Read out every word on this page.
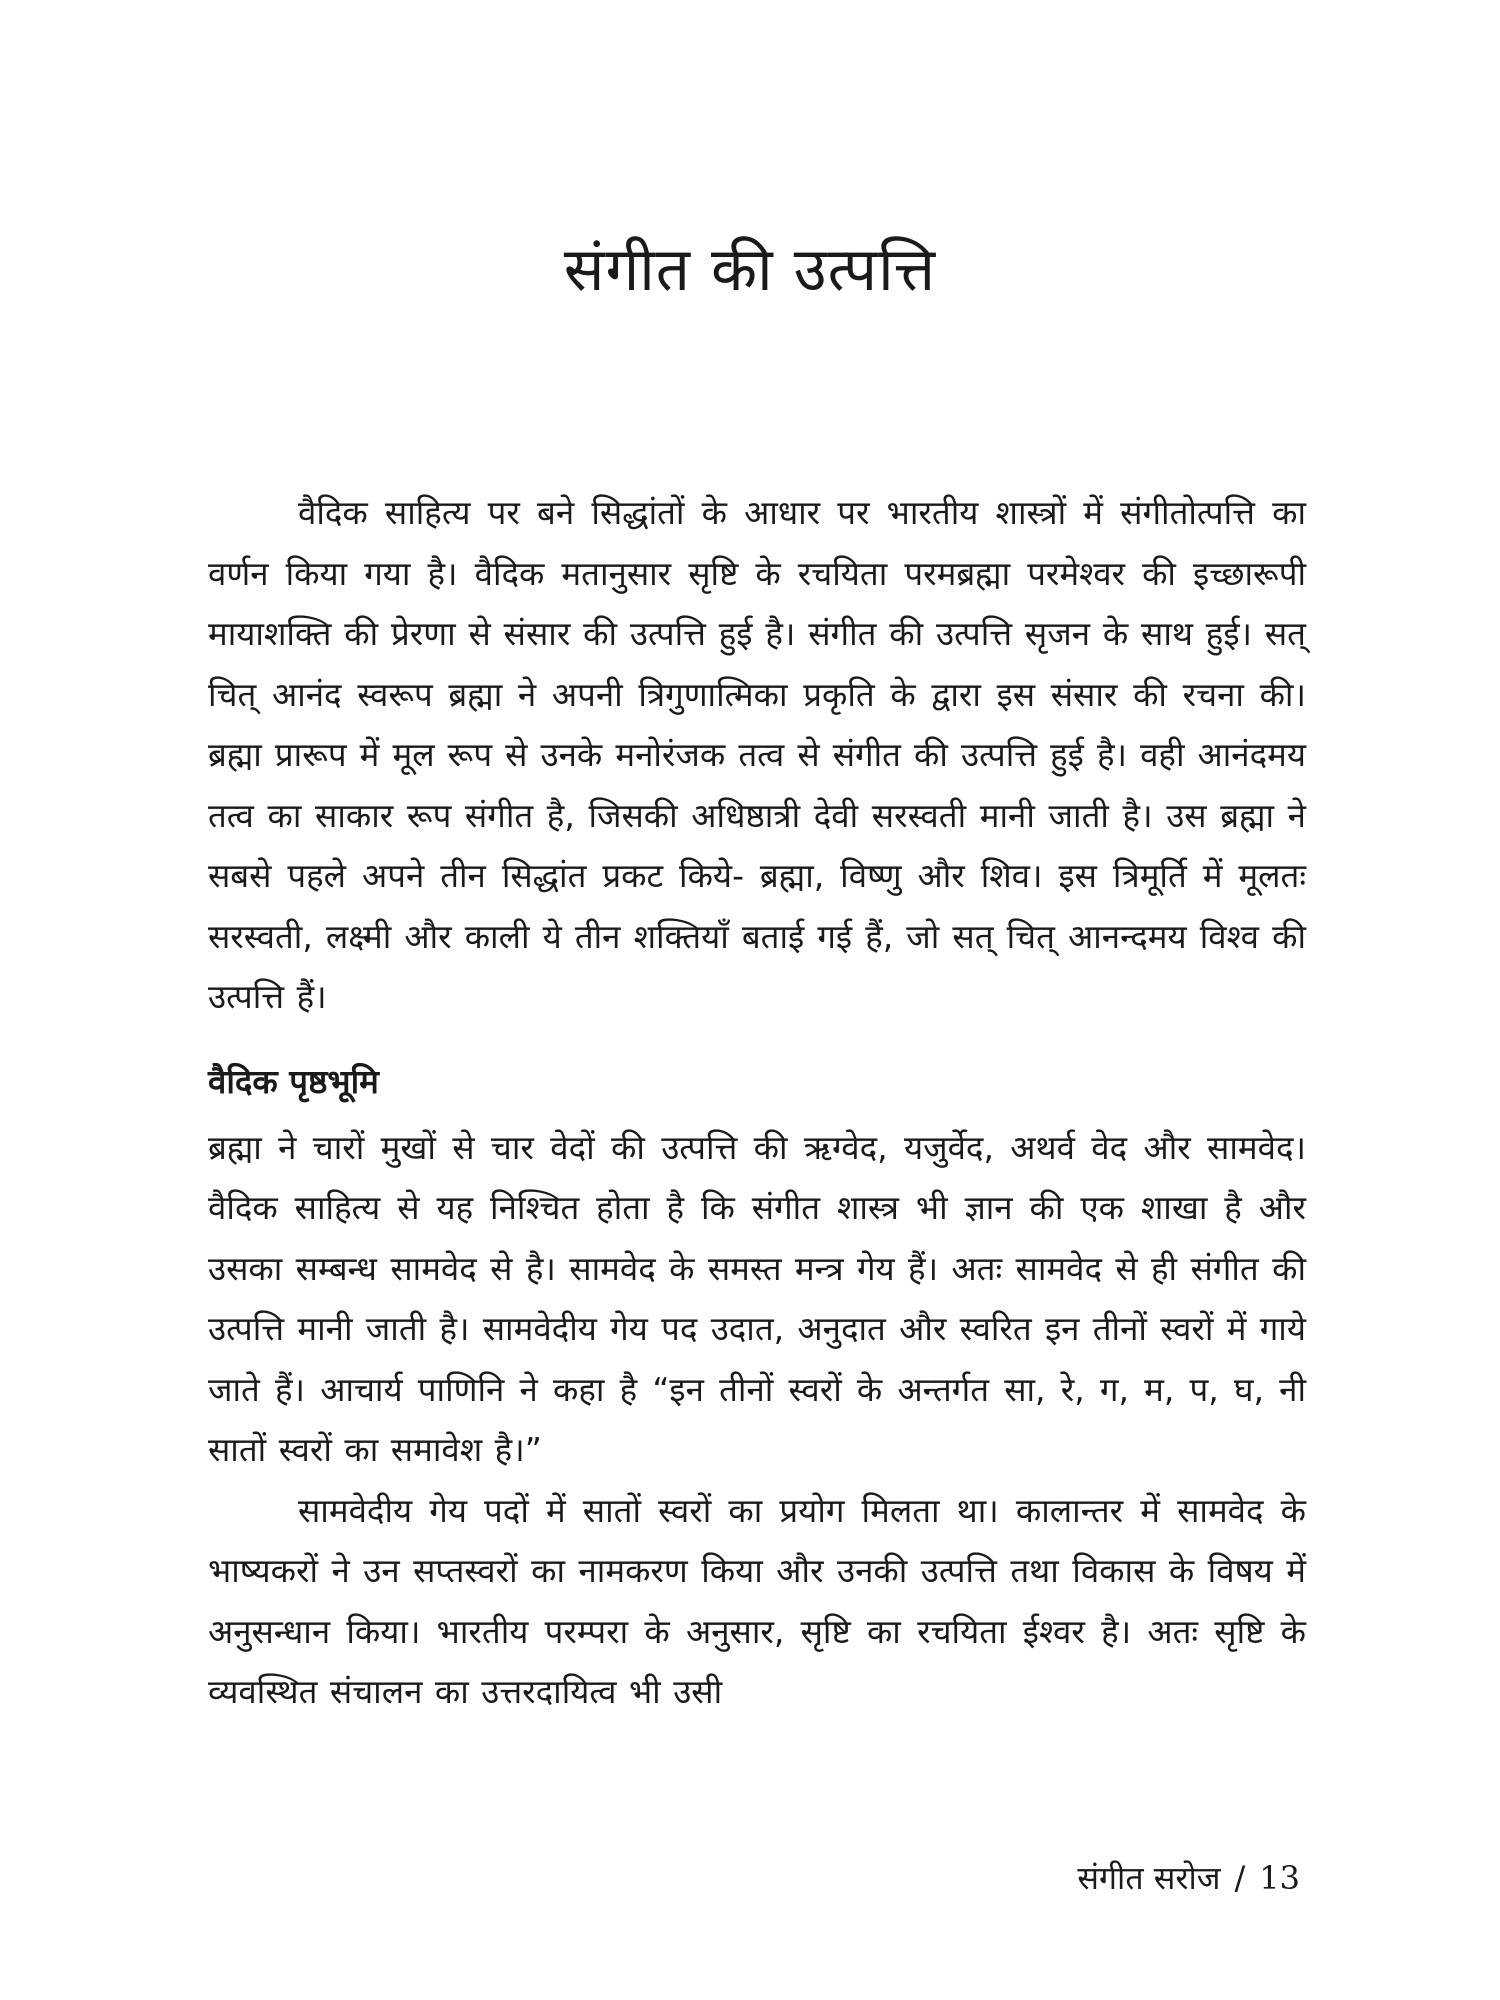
संगीत की उत्पत्ति

वैदिक साहित्य पर बने सिद्धांतों के आधार पर भारतीय शास्त्रों में संगीतोत्पत्ति का वर्णन किया गया है। वैदिक मतानुसार सृष्टि के रचयिता परमब्रह्मा परमेश्वर की इच्छारूपी मायाशक्ति की प्रेरणा से संसार की उत्पत्ति हुई है। संगीत की उत्पत्ति सृजन के साथ हुई। सत् चित् आनंद स्वरूप ब्रह्मा ने अपनी त्रिगुणात्मिका प्रकृति के द्वारा इस संसार की रचना की। ब्रह्मा प्रारूप में मूल रूप से उनके मनोरंजक तत्व से संगीत की उत्पत्ति हुई है। वही आनंदमय तत्व का साकार रूप संगीत है, जिसकी अधिष्ठात्री देवी सरस्वती मानी जाती है। उस ब्रह्मा ने सबसे पहले अपने तीन सिद्धांत प्रकट किये- ब्रह्मा, विष्णु और शिव। इस त्रिमूर्ति में मूलतः सरस्वती, लक्ष्मी और काली ये तीन शक्तियाँ बताई गई हैं, जो सत् चित् आनन्दमय विश्व की उत्पत्ति हैं।

वैदिक पृष्ठभूमि

ब्रह्मा ने चारों मुखों से चार वेदों की उत्पत्ति की ऋग्वेद, यजुर्वेद, अथर्व वेद और सामवेद। वैदिक साहित्य से यह निश्चित होता है कि संगीत शास्त्र भी ज्ञान की एक शाखा है और उसका सम्बन्ध सामवेद से है। सामवेद के समस्त मन्त्र गेय हैं। अतः सामवेद से ही संगीत की उत्पत्ति मानी जाती है। सामवेदीय गेय पद उदात, अनुदात और स्वरित इन तीनों स्वरों में गाये जाते हैं। आचार्य पाणिनि ने कहा है “इन तीनों स्वरों के अन्तर्गत सा, रे, ग, म, प, घ, नी सातों स्वरों का समावेश है।”

सामवेदीय गेय पदों में सातों स्वरों का प्रयोग मिलता था। कालान्तर में सामवेद के भाष्यकरों ने उन सप्तस्वरों का नामकरण किया और उनकी उत्पत्ति तथा विकास के विषय में अनुसन्धान किया। भारतीय परम्परा के अनुसार, सृष्टि का रचयिता ईश्वर है। अतः सृष्टि के व्यवस्थित संचालन का उत्तरदायित्व भी उसी

संगीत सरोज / 13
